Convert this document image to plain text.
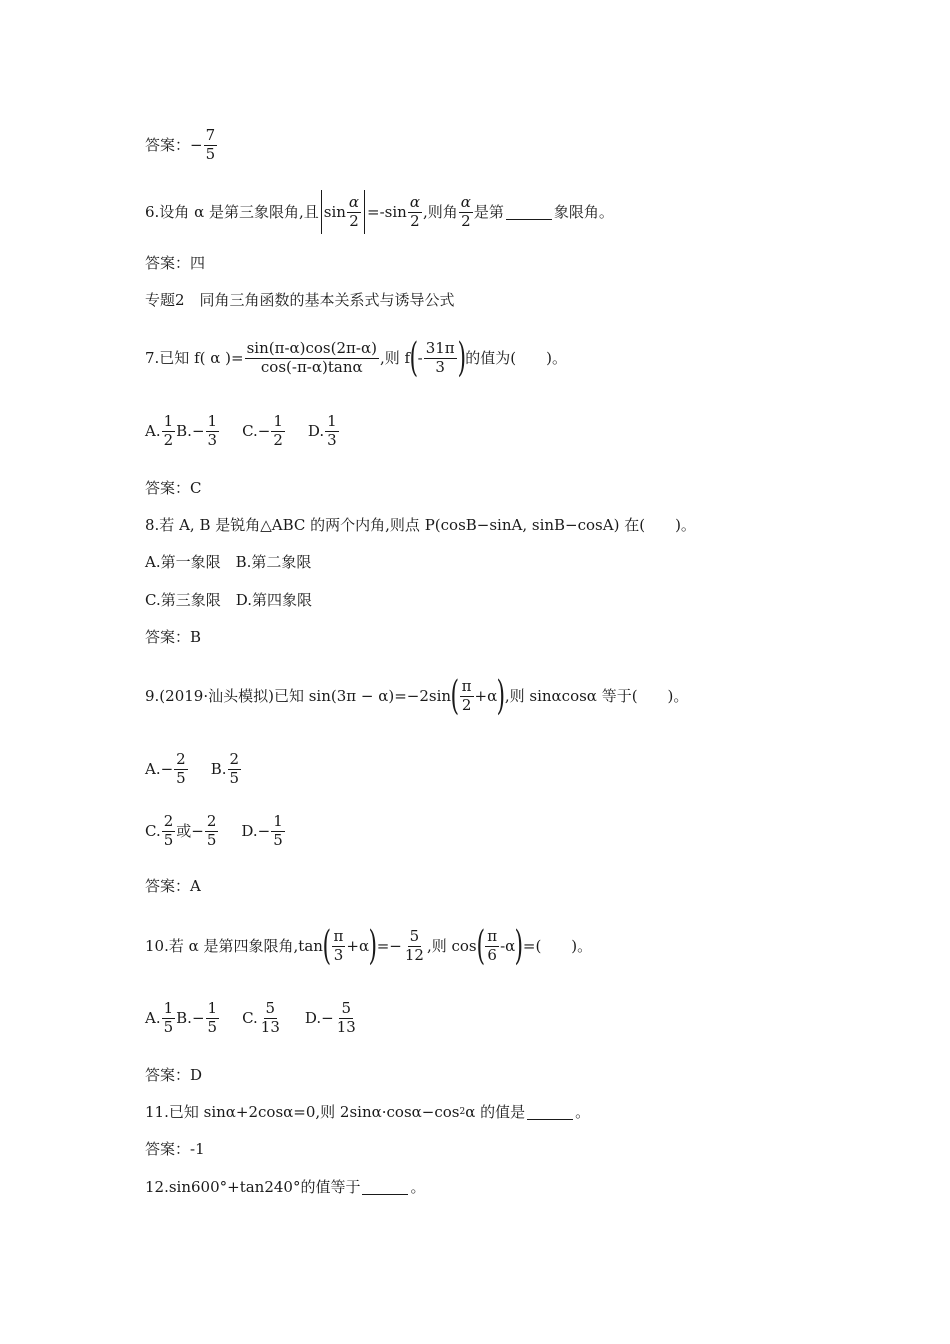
答案： − $\frac{7}{5}$
6.设角 α 是第三象限角,且 $\sin \frac{\alpha}{2} =-\sin \frac{\alpha}{2}$ ,则角 $\frac{\alpha}{2}$ 是第	象限角。
答案：四
专题2　同角三角函数的基本关系式与诱导公式
7.已知 f( α )= $\frac{\sin(\pi-\alpha)\cos(2\pi-\alpha)}{\cos(-\pi-\alpha)\tan\alpha}$ ,则 f ( - $\frac{31\pi}{3}$ ) 的值为(　　)。
A. $\frac{1}{2} B.- \frac{1}{3} C.- \frac{1}{2} D$. $\frac{1}{3}$
答案：C
8.若 A, B 是锐角△ABC 的两个内角,则点 P(cosB−sinA, sinB−cosA) 在(　　)。
A.第一象限　B.第二象限
C.第三象限　D.第四象限
答案：B
9.(2019·汕头模拟)已知 sin(3π − α)=−2sin ( $\frac{\pi}{2} +\alpha$ ) ,则 sinαcosα 等于(　　)。
$A.- \frac{2}{5} B$. $\frac{2}{5}$
C. $\frac{2}{5}$ 或− $\frac{2}{5} D.- \frac{1}{5}$
答案：A
10.若 α 是第四象限角,tan ( $\frac{\pi}{3} +\alpha$ ) =− $\frac{5}{12}$ ,则 cos ( $\frac{\pi}{6} -\alpha$ ) =(　　)。
A. $\frac{1}{5} B.- \frac{1}{5} C$. $\frac{5}{13} D.- \frac{5}{13}$
答案：D
11.已知 sinα+2cosα=0,则 2sinα·cosα−cos 2 α 的值是	。
答案：-1
12.sin600°+tan240°的值等于	。
